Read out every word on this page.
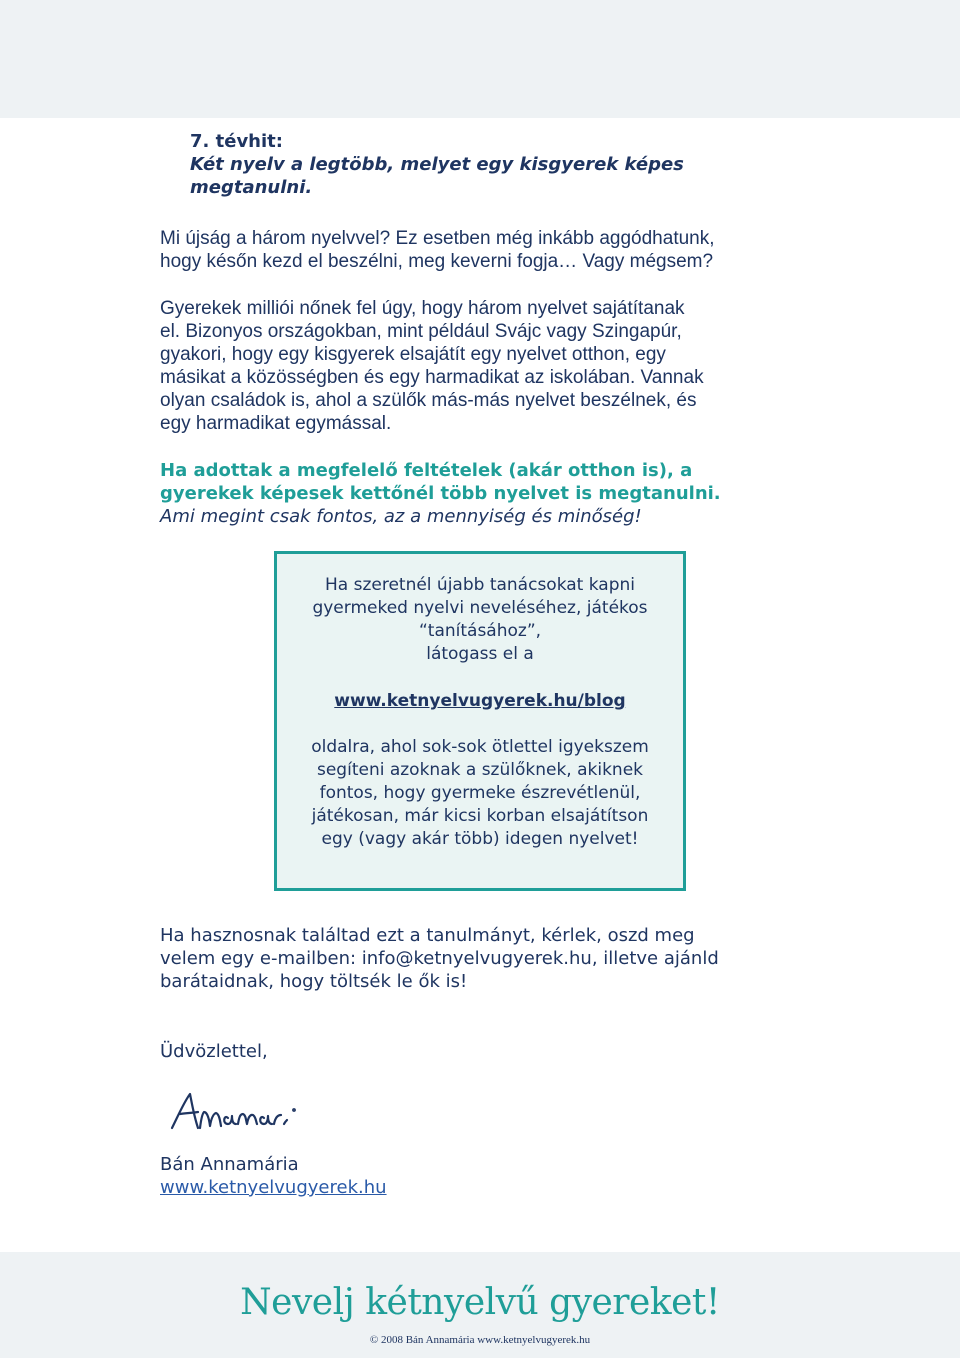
7. tévhit:
Két nyelv a legtöbb, melyet egy kisgyerek képes
megtanulni.

Mi újság a három nyelvvel? Ez esetben még inkább aggódhatunk,
hogy későn kezd el beszélni, meg keverni fogja… Vagy mégsem?

Gyerekek milliói nőnek fel úgy, hogy három nyelvet sajátítanak
el. Bizonyos országokban, mint például Svájc vagy Szingapúr,
gyakori, hogy egy kisgyerek elsajátít egy nyelvet otthon, egy
másikat a közösségben és egy harmadikat az iskolában. Vannak
olyan családok is, ahol a szülők más-más nyelvet beszélnek, és
egy harmadikat egymással.

Ha adottak a megfelelő feltételek (akár otthon is), a
gyerekek képesek kettőnél több nyelvet is megtanulni.
Ami megint csak fontos, az a mennyiség és minőség!
Ha szeretnél újabb tanácsokat kapni
gyermeked nyelvi neveléséhez, játékos
“tanításához”,
látogass el a
www.ketnyelvugyerek.hu/blog
oldalra, ahol sok-sok ötlettel igyekszem
segíteni azoknak a szülőknek, akiknek
fontos, hogy gyermeke észrevétlenül,
játékosan, már kicsi korban elsajátítson
egy (vagy akár több) idegen nyelvet!
Ha hasznosnak találtad ezt a tanulmányt, kérlek, oszd meg
velem egy e-mailben: info@ketnyelvugyerek.hu, illetve ajánld
barátaidnak, hogy töltsék le ők is!
Üdvözlettel,
Bán Annamária
www.ketnyelvugyerek.hu
Nevelj kétnyelvű gyereket!
© 2008 Bán Annamária www.ketnyelvugyerek.hu
